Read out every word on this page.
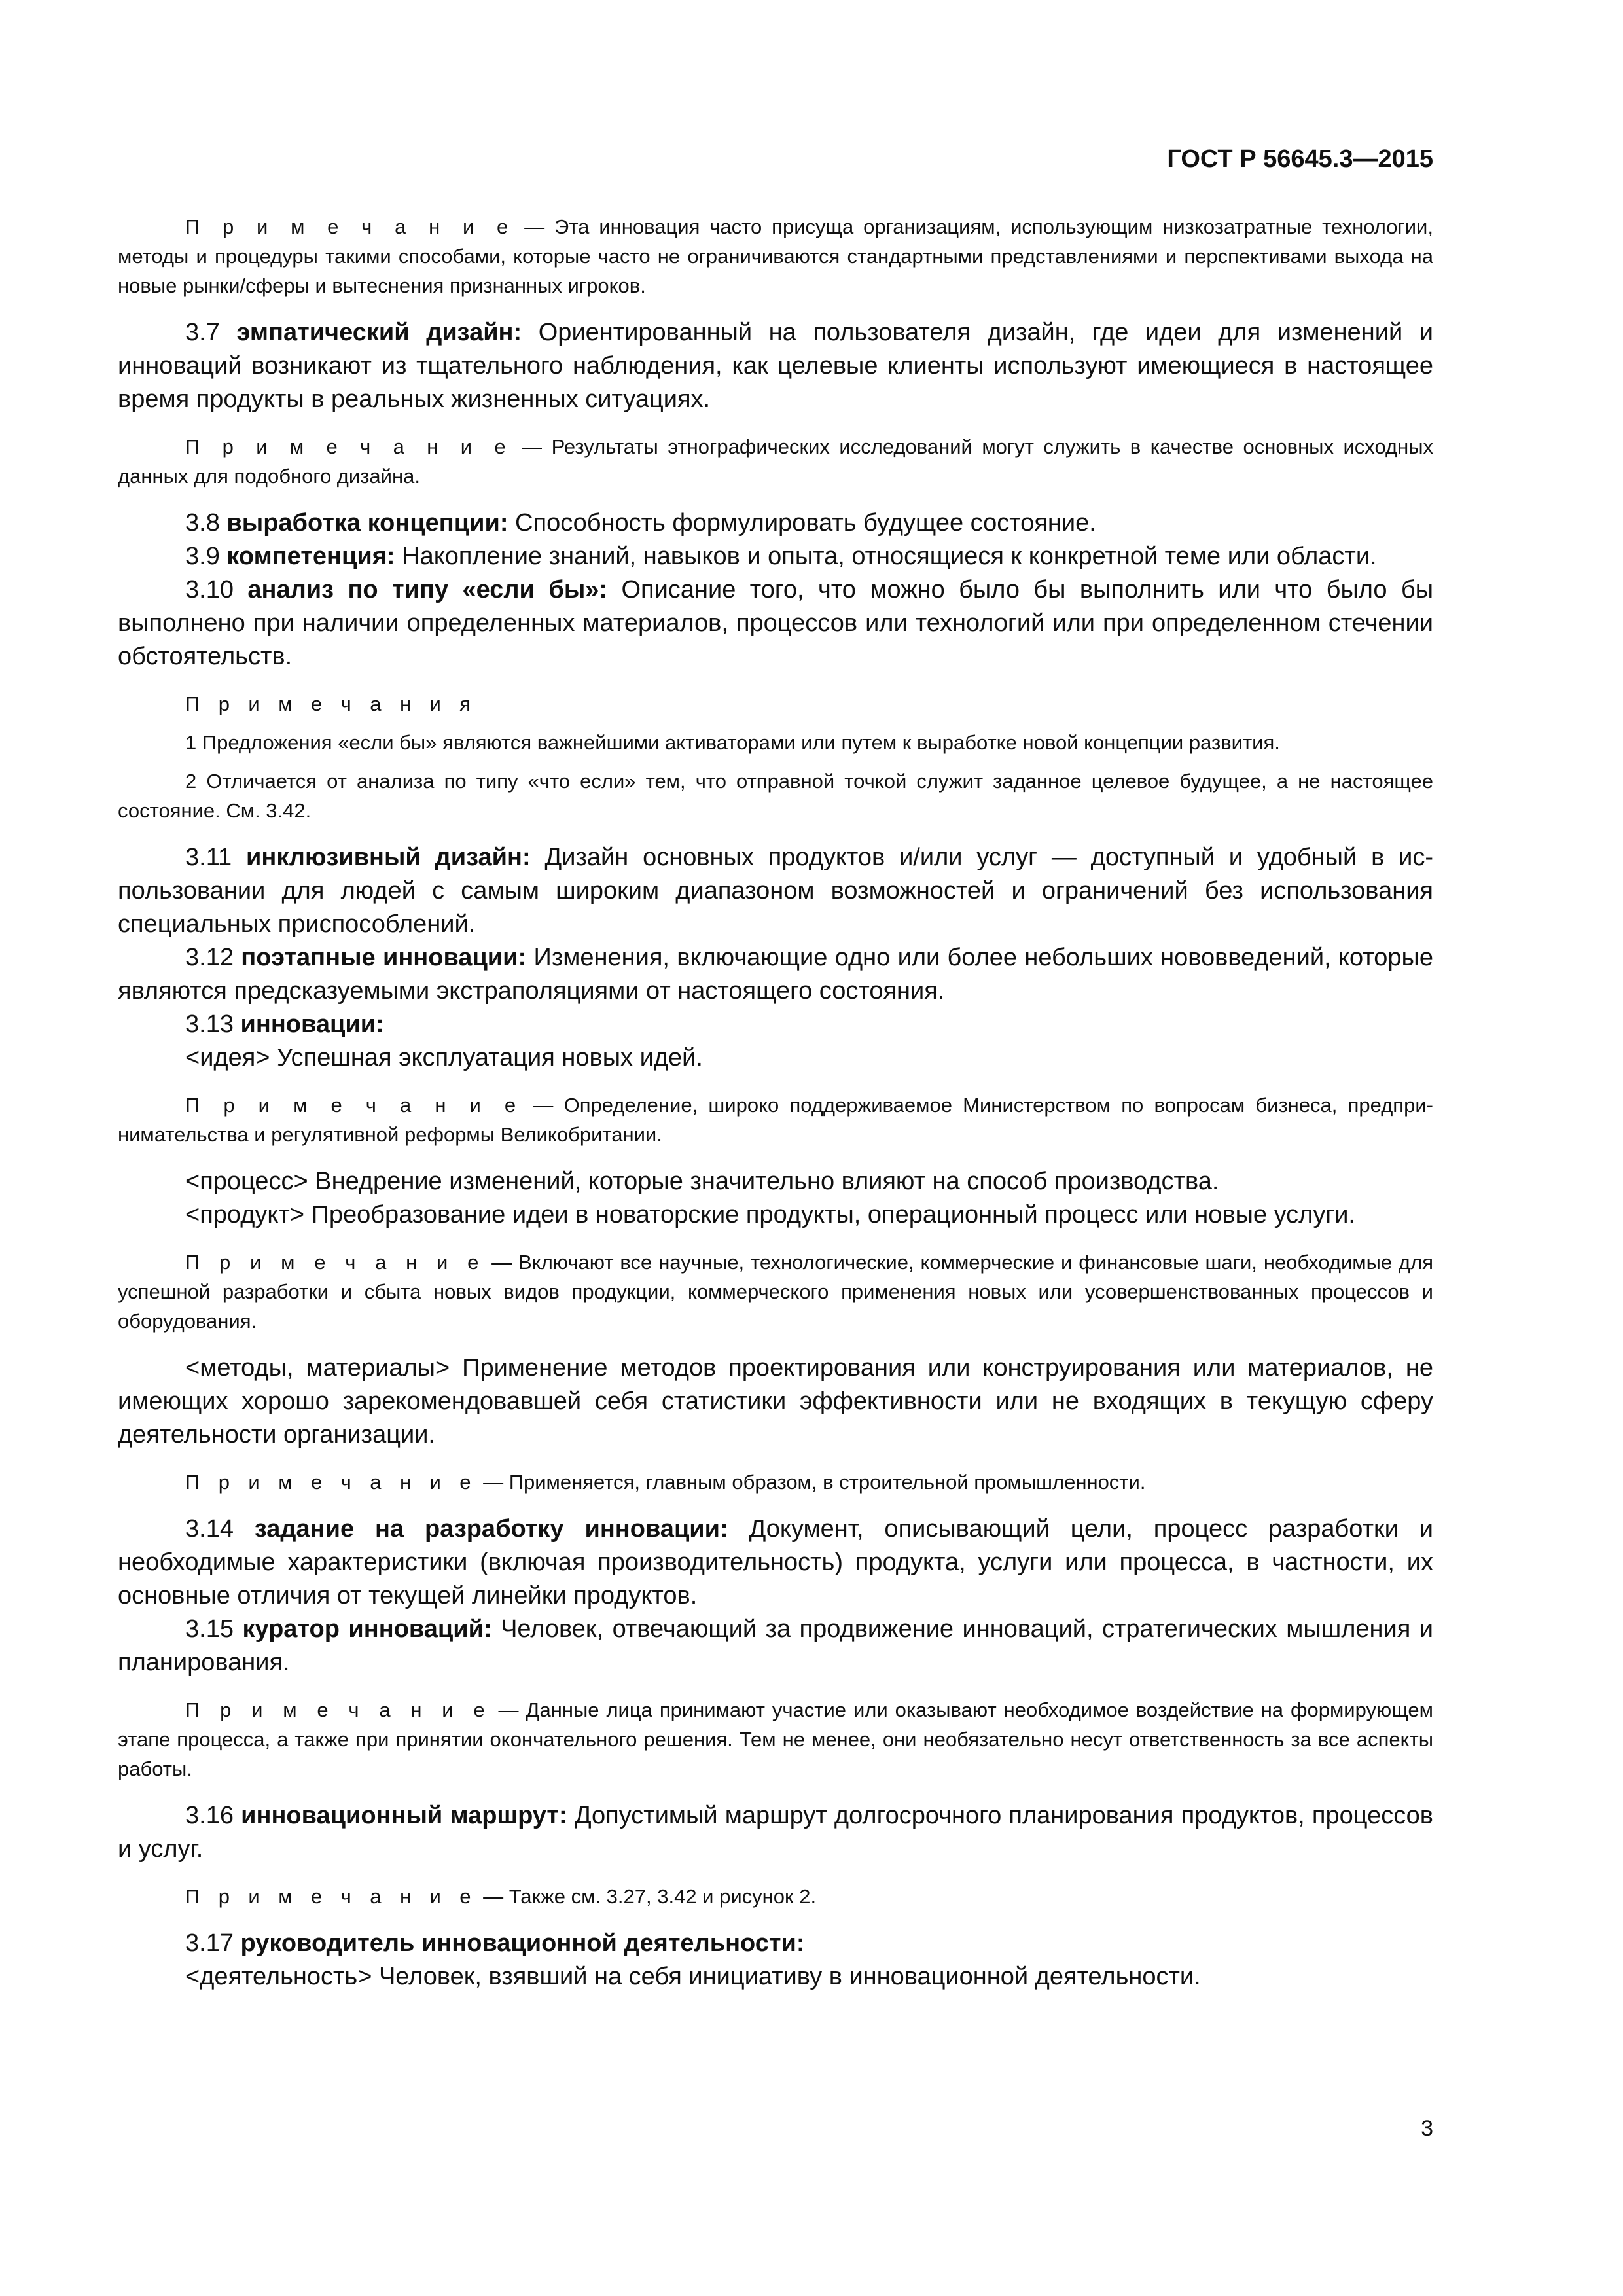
ГОСТ Р 56645.3—2015

П р и м е ч а н и е — Эта инновация часто присуща организациям, использующим низкозатратные технологии, методы и процедуры такими способами, которые часто не ограничиваются стандартными представлениями и перспективами выхода на новые рынки/сферы и вытеснения признанных игроков.

3.7 эмпатический дизайн: Ориентированный на пользователя дизайн, где идеи для изменений и инноваций возникают из тщательного наблюдения, как целевые клиенты используют имеющиеся в настоящее время продукты в реальных жизненных ситуациях.

П р и м е ч а н и е — Результаты этнографических исследований могут служить в качестве основных исходных данных для подобного дизайна.

3.8 выработка концепции: Способность формулировать будущее состояние.

3.9 компетенция: Накопление знаний, навыков и опыта, относящиеся к конкретной теме или области.

3.10 анализ по типу «если бы»: Описание того, что можно было бы выполнить или что было бы выполнено при наличии определенных материалов, процессов или технологий или при определенном стечении обстоятельств.

П р и м е ч а н и я

1 Предложения «если бы» являются важнейшими активаторами или путем к выработке новой концепции развития.

2 Отличается от анализа по типу «что если» тем, что отправной точкой служит заданное целевое будущее, а не настоящее состояние. См. 3.42.

3.11 инклюзивный дизайн: Дизайн основных продуктов и/или услуг — доступный и удобный в использовании для людей с самым широким диапазоном возможностей и ограничений без использования специальных приспособлений.

3.12 поэтапные инновации: Изменения, включающие одно или более небольших нововведений, которые являются предсказуемыми экстраполяциями от настоящего состояния.

3.13 инновации:

<идея> Успешная эксплуатация новых идей.

П р и м е ч а н и е — Определение, широко поддерживаемое Министерством по вопросам бизнеса, предпринимательства и регулятивной реформы Великобритании.

<процесс> Внедрение изменений, которые значительно влияют на способ производства.

<продукт> Преобразование идеи в новаторские продукты, операционный процесс или новые услуги.

П р и м е ч а н и е — Включают все научные, технологические, коммерческие и финансовые шаги, необходимые для успешной разработки и сбыта новых видов продукции, коммерческого применения новых или усовершенствованных процессов и оборудования.

<методы, материалы> Применение методов проектирования или конструирования или материалов, не имеющих хорошо зарекомендовавшей себя статистики эффективности или не входящих в текущую сферу деятельности организации.

П р и м е ч а н и е — Применяется, главным образом, в строительной промышленности.

3.14 задание на разработку инновации: Документ, описывающий цели, процесс разработки и необходимые характеристики (включая производительность) продукта, услуги или процесса, в частности, их основные отличия от текущей линейки продуктов.

3.15 куратор инноваций: Человек, отвечающий за продвижение инноваций, стратегических мышления и планирования.

П р и м е ч а н и е — Данные лица принимают участие или оказывают необходимое воздействие на формирующем этапе процесса, а также при принятии окончательного решения. Тем не менее, они необязательно несут ответственность за все аспекты работы.

3.16 инновационный маршрут: Допустимый маршрут долгосрочного планирования продуктов, процессов и услуг.

П р и м е ч а н и е — Также см. 3.27, 3.42 и рисунок 2.

3.17 руководитель инновационной деятельности:

<деятельность> Человек, взявший на себя инициативу в инновационной деятельности.

3
